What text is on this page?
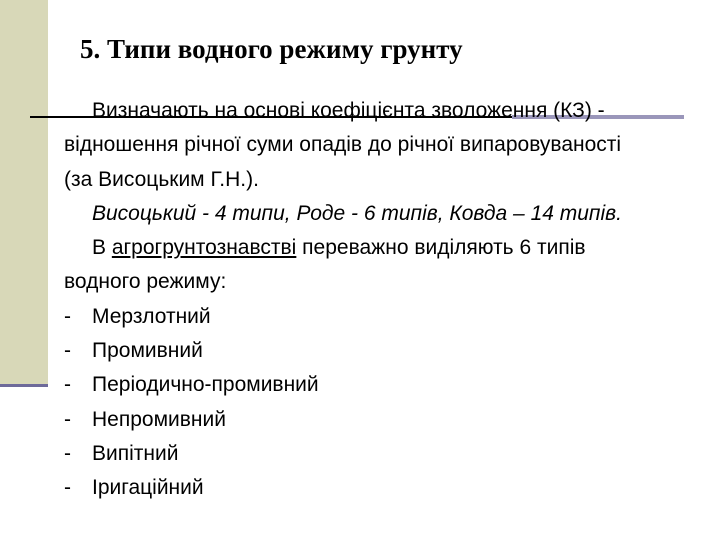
5. Типи водного режиму грунту
Визначають на основі коефіцієнта зволоження (КЗ) -
відношення річної суми опадів до річної випаровуваності
(за Висоцьким Г.Н.).
Висоцький - 4 типи, Роде - 6 типів, Ковда – 14 типів.
В агрогрунтознавстві переважно виділяють 6 типів
водного режиму:
- Мерзлотний
- Промивний
- Періодично-промивний
- Непромивний
- Випітний
- Іригаційний
